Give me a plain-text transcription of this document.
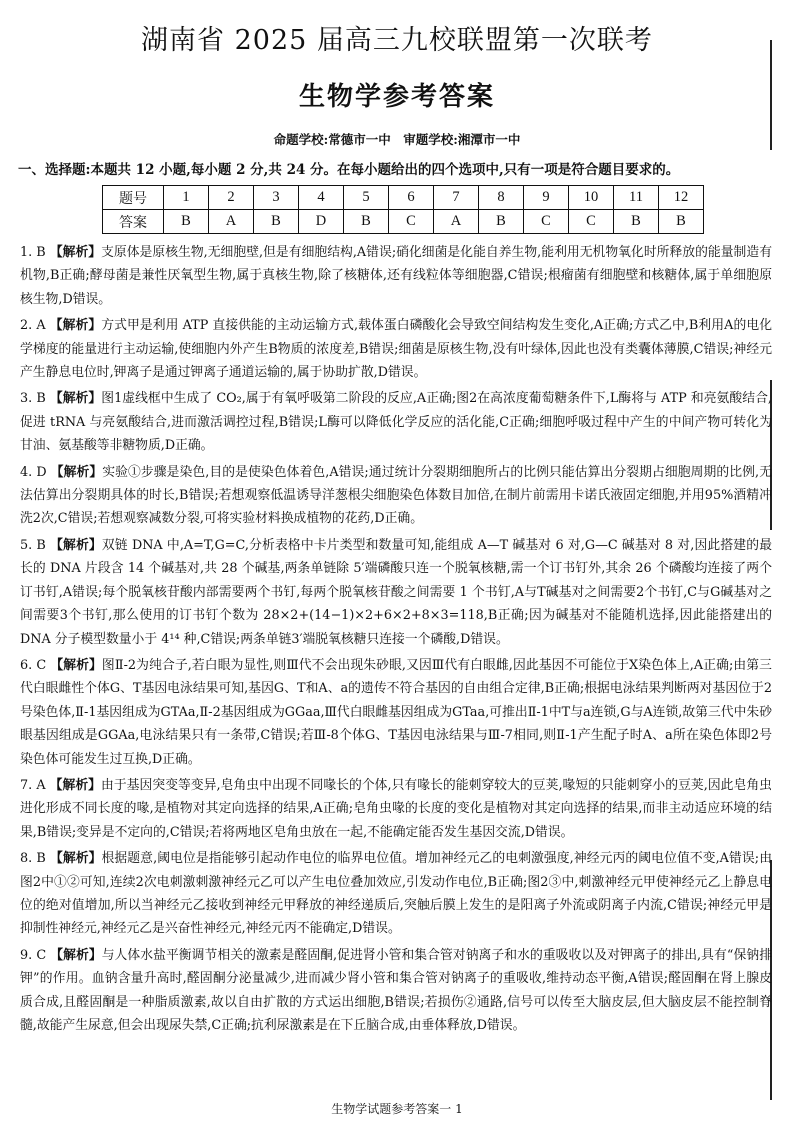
湖南省 2025 届高三九校联盟第一次联考
生物学参考答案
命题学校:常德市一中　审题学校:湘潭市一中
一、选择题:本题共 12 小题,每小题 2 分,共 24 分。在每小题给出的四个选项中,只有一项是符合题目要求的。
题号	1	2	3	4	5	6	7	8	9	10	11	12
答案	B	A	B	D	B	C	A	B	C	C	B	B
1. B 【解析】支原体是原核生物,无细胞壁,但是有细胞结构,A错误;硝化细菌是化能自养生物,能利用无机物氧化时所释放的能量制造有机物,B正确;酵母菌是兼性厌氧型生物,属于真核生物,除了核糖体,还有线粒体等细胞器,C错误;根瘤菌有细胞壁和核糖体,属于单细胞原核生物,D错误。
2. A 【解析】方式甲是利用 ATP 直接供能的主动运输方式,载体蛋白磷酸化会导致空间结构发生变化,A正确;方式乙中,B利用A的电化学梯度的能量进行主动运输,使细胞内外产生B物质的浓度差,B错误;细菌是原核生物,没有叶绿体,因此也没有类囊体薄膜,C错误;神经元产生静息电位时,钾离子是通过钾离子通道运输的,属于协助扩散,D错误。
3. B 【解析】图1虚线框中生成了 CO₂,属于有氧呼吸第二阶段的反应,A正确;图2在高浓度葡萄糖条件下,L酶将与 ATP 和亮氨酸结合,促进 tRNA 与亮氨酸结合,进而激活调控过程,B错误;L酶可以降低化学反应的活化能,C正确;细胞呼吸过程中产生的中间产物可转化为甘油、氨基酸等非糖物质,D正确。
4. D 【解析】实验①步骤是染色,目的是使染色体着色,A错误;通过统计分裂期细胞所占的比例只能估算出分裂期占细胞周期的比例,无法估算出分裂期具体的时长,B错误;若想观察低温诱导洋葱根尖细胞染色体数目加倍,在制片前需用卡诺氏液固定细胞,并用95%酒精冲洗2次,C错误;若想观察减数分裂,可将实验材料换成植物的花药,D正确。
5. B 【解析】双链 DNA 中,A=T,G=C,分析表格中卡片类型和数量可知,能组成 A—T 碱基对 6 对,G—C 碱基对 8 对,因此搭建的最长的 DNA 片段含 14 个碱基对,共 28 个碱基,两条单链除 5′端磷酸只连一个脱氧核糖,需一个订书钉外,其余 26 个磷酸均连接了两个订书钉,A错误;每个脱氧核苷酸内部需要两个书钉,每两个脱氧核苷酸之间需要 1 个书钉,A与T碱基对之间需要2个书钉,C与G碱基对之间需要3个书钉,那么使用的订书钉个数为 28×2+(14−1)×2+6×2+8×3=118,B正确;因为碱基对不能随机选择,因此能搭建出的 DNA 分子模型数量小于 4¹⁴ 种,C错误;两条单链3′端脱氧核糖只连接一个磷酸,D错误。
6. C 【解析】图Ⅱ-2为纯合子,若白眼为显性,则Ⅲ代不会出现朱砂眼,又因Ⅲ代有白眼雌,因此基因不可能位于X染色体上,A正确;由第三代白眼雌性个体G、T基因电泳结果可知,基因G、T和A、a的遗传不符合基因的自由组合定律,B正确;根据电泳结果判断两对基因位于2号染色体,Ⅱ-1基因组成为GTAa,Ⅱ-2基因组成为GGaa,Ⅲ代白眼雌基因组成为GTaa,可推出Ⅱ-1中T与a连锁,G与A连锁,故第三代中朱砂眼基因组成是GGAa,电泳结果只有一条带,C错误;若Ⅲ-8个体G、T基因电泳结果与Ⅲ-7相同,则Ⅱ-1产生配子时A、a所在染色体即2号染色体可能发生过互换,D正确。
7. A 【解析】由于基因突变等变异,皂角虫中出现不同喙长的个体,只有喙长的能刺穿较大的豆荚,喙短的只能刺穿小的豆荚,因此皂角虫进化形成不同长度的喙,是植物对其定向选择的结果,A正确;皂角虫喙的长度的变化是植物对其定向选择的结果,而非主动适应环境的结果,B错误;变异是不定向的,C错误;若将两地区皂角虫放在一起,不能确定能否发生基因交流,D错误。
8. B 【解析】根据题意,阈电位是指能够引起动作电位的临界电位值。增加神经元乙的电刺激强度,神经元丙的阈电位值不变,A错误;由图2中①②可知,连续2次电刺激刺激神经元乙可以产生电位叠加效应,引发动作电位,B正确;图2③中,刺激神经元甲使神经元乙上静息电位的绝对值增加,所以当神经元乙接收到神经元甲释放的神经递质后,突触后膜上发生的是阳离子外流或阴离子内流,C错误;神经元甲是抑制性神经元,神经元乙是兴奋性神经元,神经元丙不能确定,D错误。
9. C 【解析】与人体水盐平衡调节相关的激素是醛固酮,促进肾小管和集合管对钠离子和水的重吸收以及对钾离子的排出,具有“保钠排钾”的作用。血钠含量升高时,醛固酮分泌量减少,进而减少肾小管和集合管对钠离子的重吸收,维持动态平衡,A错误;醛固酮在肾上腺皮质合成,且醛固酮是一种脂质激素,故以自由扩散的方式运出细胞,B错误;若损伤②通路,信号可以传至大脑皮层,但大脑皮层不能控制脊髓,故能产生尿意,但会出现尿失禁,C正确;抗利尿激素是在下丘脑合成,由垂体释放,D错误。
生物学试题参考答案一 1
